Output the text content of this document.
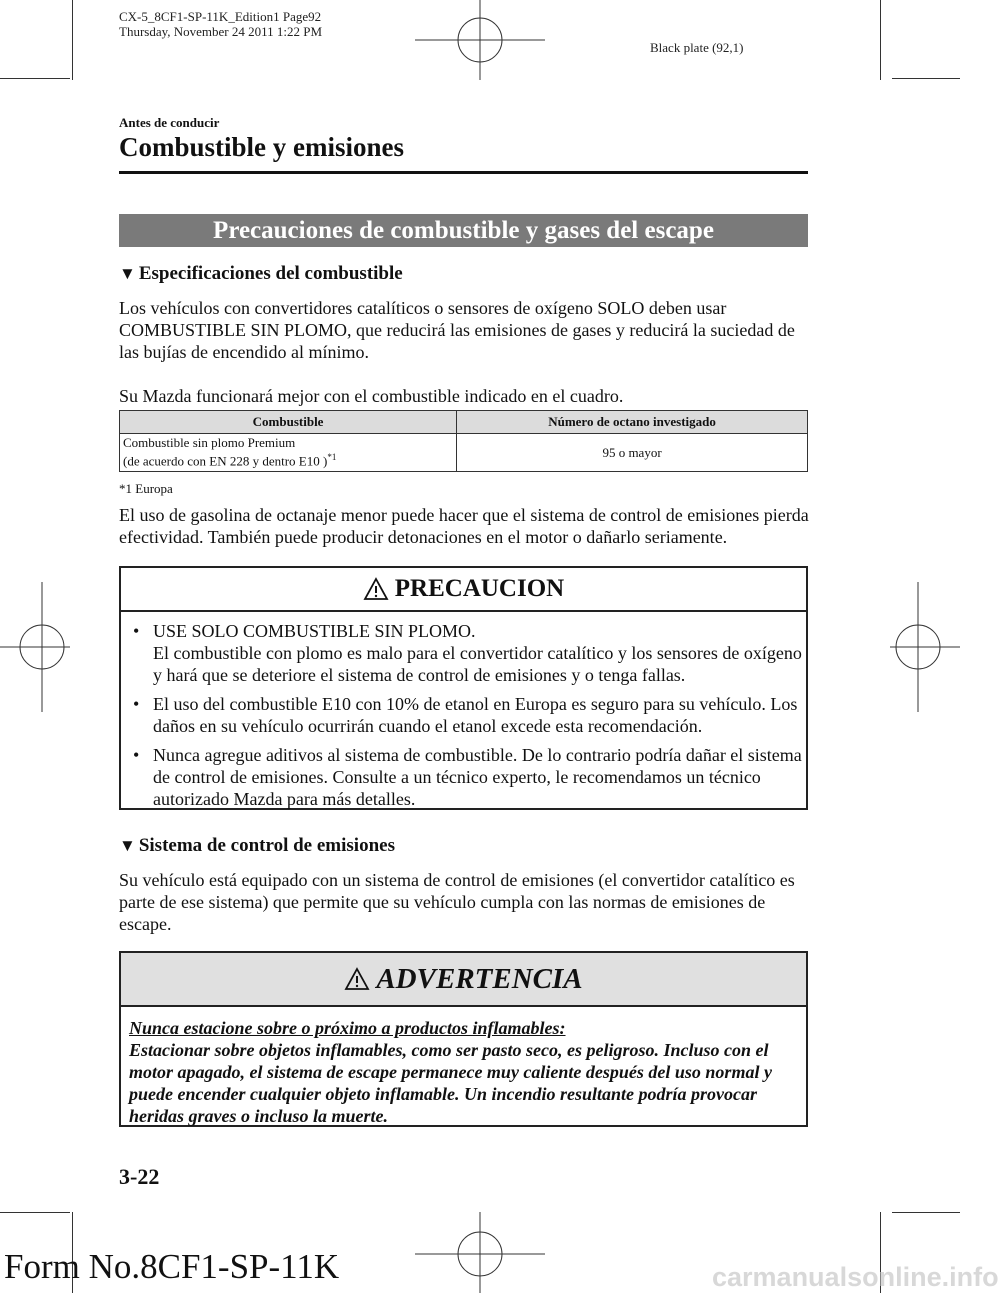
CX-5_8CF1-SP-11K_Edition1 Page92
Thursday, November 24 2011 1:22 PM
Black plate (92,1)
Antes de conducir
Combustible y emisiones
Precauciones de combustible y gases del escape
▼ Especificaciones del combustible
Los vehículos con convertidores catalíticos o sensores de oxígeno SOLO deben usar COMBUSTIBLE SIN PLOMO, que reducirá las emisiones de gases y reducirá la suciedad de las bujías de encendido al mínimo.
Su Mazda funcionará mejor con el combustible indicado en el cuadro.
Combustible	Número de octano investigado

Combustible sin plomo Premium
(de acuerdo con EN 228 y dentro E10 )$^{*1}$	95 o mayor
*1 Europa
El uso de gasolina de octanaje menor puede hacer que el sistema de control de emisiones pierda efectividad. También puede producir detonaciones en el motor o dañarlo seriamente.
PRECAUCION
• USE SOLO COMBUSTIBLE SIN PLOMO.
El combustible con plomo es malo para el convertidor catalítico y los sensores de oxígeno y hará que se deteriore el sistema de control de emisiones y o tenga fallas.
• El uso del combustible E10 con 10% de etanol en Europa es seguro para su vehículo. Los daños en su vehículo ocurrirán cuando el etanol excede esta recomendación.
• Nunca agregue aditivos al sistema de combustible. De lo contrario podría dañar el sistema de control de emisiones. Consulte a un técnico experto, le recomendamos un técnico autorizado Mazda para más detalles.
▼ Sistema de control de emisiones
Su vehículo está equipado con un sistema de control de emisiones (el convertidor catalítico es parte de ese sistema) que permite que su vehículo cumpla con las normas de emisiones de escape.
ADVERTENCIA
Nunca estacione sobre o próximo a productos inflamables:
Estacionar sobre objetos inflamables, como ser pasto seco, es peligroso. Incluso con el motor apagado, el sistema de escape permanece muy caliente después del uso normal y puede encender cualquier objeto inflamable. Un incendio resultante podría provocar heridas graves o incluso la muerte.
3-22
Form No.8CF1-SP-11K	carmanualsonline.info
